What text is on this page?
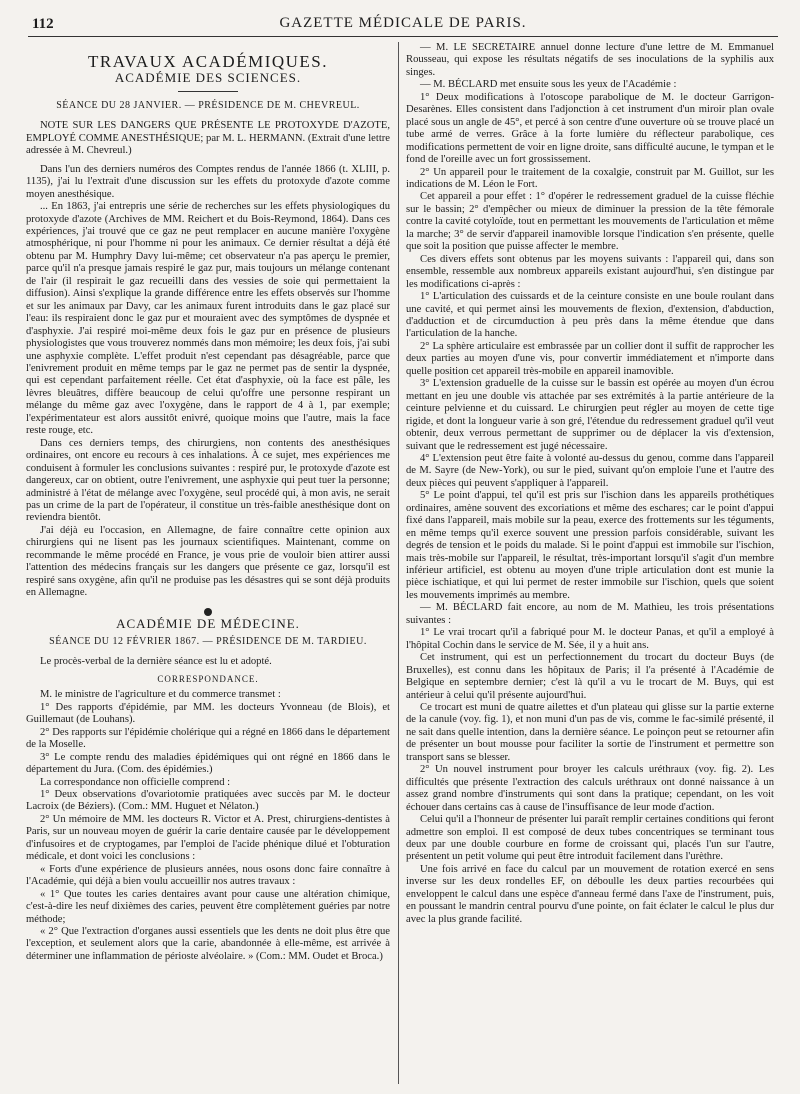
112	GAZETTE MÉDICALE DE PARIS.
TRAVAUX ACADÉMIQUES.
ACADÉMIE DES SCIENCES.
SÉANCE DU 28 JANVIER. — PRÉSIDENCE DE M. CHEVREUL.

NOTE SUR LES DANGERS QUE PRÉSENTE LE PROTOXYDE D'AZOTE, EMPLOYÉ COMME ANESTHÉSIQUE; par M. L. HERMANN. (Extrait d'une lettre adressée à M. Chevreul.)

Dans l'un des derniers numéros des Comptes rendus de l'année 1866 (t. XLIII, p. 1135), j'ai lu l'extrait d'une discussion sur les effets du protoxyde d'azote comme moyen anesthésique.

... En 1863, j'ai entrepris une série de recherches sur les effets physiologiques du protoxyde d'azote (Archives de MM. Reichert et du Bois-Reymond, 1864). Dans ces expériences, j'ai trouvé que ce gaz ne peut remplacer en aucune manière l'oxygène atmosphérique, ni pour l'homme ni pour les animaux. Ce dernier résultat a déjà été obtenu par M. Humphry Davy lui-même; cet observateur n'a pas aperçu le premier, parce qu'il n'a presque jamais respiré le gaz pur, mais toujours un mélange contenant de l'air (il respirait le gaz recueilli dans des vessies de soie qui permettaient la diffusion). Ainsi s'explique la grande différence entre les effets observés sur l'homme et sur les animaux par Davy, car les animaux furent introduits dans le gaz placé sur l'eau: ils respiraient donc le gaz pur et mouraient avec des symptômes de dyspnée et d'asphyxie. J'ai respiré moi-même deux fois le gaz pur en présence de plusieurs physiologistes que vous trouverez nommés dans mon mémoire; les deux fois, j'ai subi une asphyxie complète. L'effet produit n'est cependant pas désagréable, parce que l'enivrement produit en même temps par le gaz ne permet pas de sentir la dyspnée, qui est cependant parfaitement réelle. Cet état d'asphyxie, où la face est pâle, les lèvres bleuâtres, diffère beaucoup de celui qu'offre une personne respirant un mélange du même gaz avec l'oxygène, dans le rapport de 4 à 1, par exemple; l'expérimentateur est alors aussitôt enivré, quoique moins que l'autre, mais la face reste rouge, etc.

Dans ces derniers temps, des chirurgiens, non contents des anesthésiques ordinaires, ont encore eu recours à ces inhalations. À ce sujet, mes expériences me conduisent à formuler les conclusions suivantes : respiré pur, le protoxyde d'azote est dangereux, car on obtient, outre l'enivrement, une asphyxie qui peut tuer la personne; administré à l'état de mélange avec l'oxygène, seul procédé qui, à mon avis, ne serait pas un crime de la part de l'opérateur, il constitue un très-faible anesthésique dont on reviendra bientôt.

J'ai déjà eu l'occasion, en Allemagne, de faire connaître cette opinion aux chirurgiens qui ne lisent pas les journaux scientifiques. Maintenant, comme on recommande le même procédé en France, je vous prie de vouloir bien attirer aussi l'attention des médecins français sur les dangers que présente ce gaz, lorsqu'il est respiré sans oxygène, afin qu'il ne produise pas les désastres qui se sont déjà produits en Allemagne.

ACADÉMIE DE MÉDECINE.
SÉANCE DU 12 FÉVRIER 1867. — PRÉSIDENCE DE M. TARDIEU.

Le procès-verbal de la dernière séance est lu et adopté.

CORRESPONDANCE.

M. le ministre de l'agriculture et du commerce transmet :

1° Des rapports d'épidémie, par MM. les docteurs Yvonneau (de Blois), et Guillemaut (de Louhans).

2° Des rapports sur l'épidémie cholérique qui a régné en 1866 dans le département de la Moselle.

3° Le compte rendu des maladies épidémiques qui ont régné en 1866 dans le département du Jura. (Com. des épidémies.)

La correspondance non officielle comprend :

1° Deux observations d'ovariotomie pratiquées avec succès par M. le docteur Lacroix (de Béziers). (Com.: MM. Huguet et Nélaton.)

2° Un mémoire de MM. les docteurs R. Victor et A. Prest, chirurgiens-dentistes à Paris, sur un nouveau moyen de guérir la carie dentaire causée par le développement d'infusoires et de cryptogames, par l'emploi de l'acide phénique dilué et l'obturation médicale, et dont voici les conclusions :

« Forts d'une expérience de plusieurs années, nous osons donc faire connaître à l'Académie, qui déjà a bien voulu accueillir nos autres travaux :

« 1° Que toutes les caries dentaires avant pour cause une altération chimique, c'est-à-dire les neuf dixièmes des caries, peuvent être complètement guéries par notre méthode;

« 2° Que l'extraction d'organes aussi essentiels que les dents ne doit plus être que l'exception, et seulement alors que la carie, abandonnée à elle-même, est arrivée à déterminer une inflammation de périoste alvéolaire. » (Com.: MM. Oudet et Broca.)

— M. LE SECRÉTAIRE annuel donne lecture d'une lettre de M. Emmanuel Rousseau, qui expose les résultats négatifs de ses inoculations de la syphilis aux singes.

— M. BÉCLARD met ensuite sous les yeux de l'Académie :

1° Deux modifications à l'otoscope parabolique de M. le docteur Garrigon-Desarènes. Elles consistent dans l'adjonction à cet instrument d'un miroir plan ovale placé sous un angle de 45°, et percé à son centre d'une ouverture où se trouve placé un tube armé de verres. Grâce à la forte lumière du réflecteur parabolique, ces modifications permettent de voir en ligne droite, sans difficulté aucune, le tympan et le fond de l'oreille avec un fort grossissement.

2° Un appareil pour le traitement de la coxalgie, construit par M. Guillot, sur les indications de M. Léon le Fort.

Cet appareil a pour effet : 1° d'opérer le redressement graduel de la cuisse fléchie sur le bassin; 2° d'empêcher ou mieux de diminuer la pression de la tête fémorale contre la cavité cotyloïde, tout en permettant les mouvements de l'articulation et même la marche; 3° de servir d'appareil inamovible lorsque l'indication s'en présente, quelle que soit la position que puisse affecter le membre.

Ces divers effets sont obtenus par les moyens suivants : l'appareil qui, dans son ensemble, ressemble aux nombreux appareils existant aujourd'hui, s'en distingue par les modifications ci-après :

1° L'articulation des cuissards et de la ceinture consiste en une boule roulant dans une cavité, et qui permet ainsi les mouvements de flexion, d'extension, d'abduction, d'adduction et de circumduction à peu près dans la même étendue que dans l'articulation de la hanche.

2° La sphère articulaire est embrassée par un collier dont il suffit de rapprocher les deux parties au moyen d'une vis, pour convertir immédiatement et n'importe dans quelle position cet appareil très-mobile en appareil inamovible.

3° L'extension graduelle de la cuisse sur le bassin est opérée au moyen d'un écrou mettant en jeu une double vis attachée par ses extrémités à la partie antérieure de la ceinture pelvienne et du cuissard. Le chirurgien peut régler au moyen de cette tige rigide, et dont la longueur varie à son gré, l'étendue du redressement graduel qu'il veut obtenir, deux verrous permettant de supprimer ou de déplacer la vis d'extension, suivant que le redressement est jugé nécessaire.

4° L'extension peut être faite à volonté au-dessus du genou, comme dans l'appareil de M. Sayre (de New-York), ou sur le pied, suivant qu'on emploie l'une et l'autre des deux pièces qui peuvent s'appliquer à l'appareil.

5° Le point d'appui, tel qu'il est pris sur l'ischion dans les appareils prothétiques ordinaires, amène souvent des excoriations et même des eschares; car le point d'appui fixé dans l'appareil, mais mobile sur la peau, exerce des frottements sur les téguments, en même temps qu'il exerce souvent une pression parfois considérable, suivant les degrés de tension et le poids du malade. Si le point d'appui est immobile sur l'ischion, mais très-mobile sur l'appareil, le résultat, très-important lorsqu'il s'agit d'un membre inférieur artificiel, est obtenu au moyen d'une triple articulation dont est munie la pièce ischiatique, et qui lui permet de rester immobile sur l'ischion, quels que soient les mouvements imprimés au membre.

— M. BÉCLARD fait encore, au nom de M. Mathieu, les trois présentations suivantes :

1° Le vrai trocart qu'il a fabriqué pour M. le docteur Panas, et qu'il a employé à l'hôpital Cochin dans le service de M. Sée, il y a huit ans.

Cet instrument, qui est un perfectionnement du trocart du docteur Buys (de Bruxelles), est connu dans les hôpitaux de Paris; il l'a présenté à l'Académie de Belgique en septembre dernier; c'est là qu'il a vu le trocart de M. Buys, qui est antérieur à celui qu'il présente aujourd'hui.

Ce trocart est muni de quatre ailettes et d'un plateau qui glisse sur la partie externe de la canule (voy. fig. 1), et non muni d'un pas de vis, comme le fac-similé présenté, il ne sait dans quelle intention, dans la dernière séance. Le poinçon peut se retourner afin de présenter un bout mousse pour faciliter la sortie de l'instrument et permettre son transport sans se blesser.

2° Un nouvel instrument pour broyer les calculs uréthraux (voy. fig. 2). Les difficultés que présente l'extraction des calculs uréthraux ont donné naissance à un assez grand nombre d'instruments qui sont dans la pratique; cependant, on les voit échouer dans certains cas à cause de l'insuffisance de leur mode d'action.

Celui qu'il a l'honneur de présenter lui paraît remplir certaines conditions qui feront admettre son emploi. Il est composé de deux tubes concentriques se terminant tous deux par une double courbure en forme de croissant qui, placés l'un sur l'autre, présentent un petit volume qui peut être introduit facilement dans l'urèthre.

Une fois arrivé en face du calcul par un mouvement de rotation exercé en sens inverse sur les deux rondelles EF, on déboulle les deux parties recourbées qui enveloppent le calcul dans une espèce d'anneau fermé dans l'axe de l'instrument, puis, en poussant le mandrin central pourvu d'une pointe, on fait éclater le calcul le plus dur avec la plus grande facilité.
